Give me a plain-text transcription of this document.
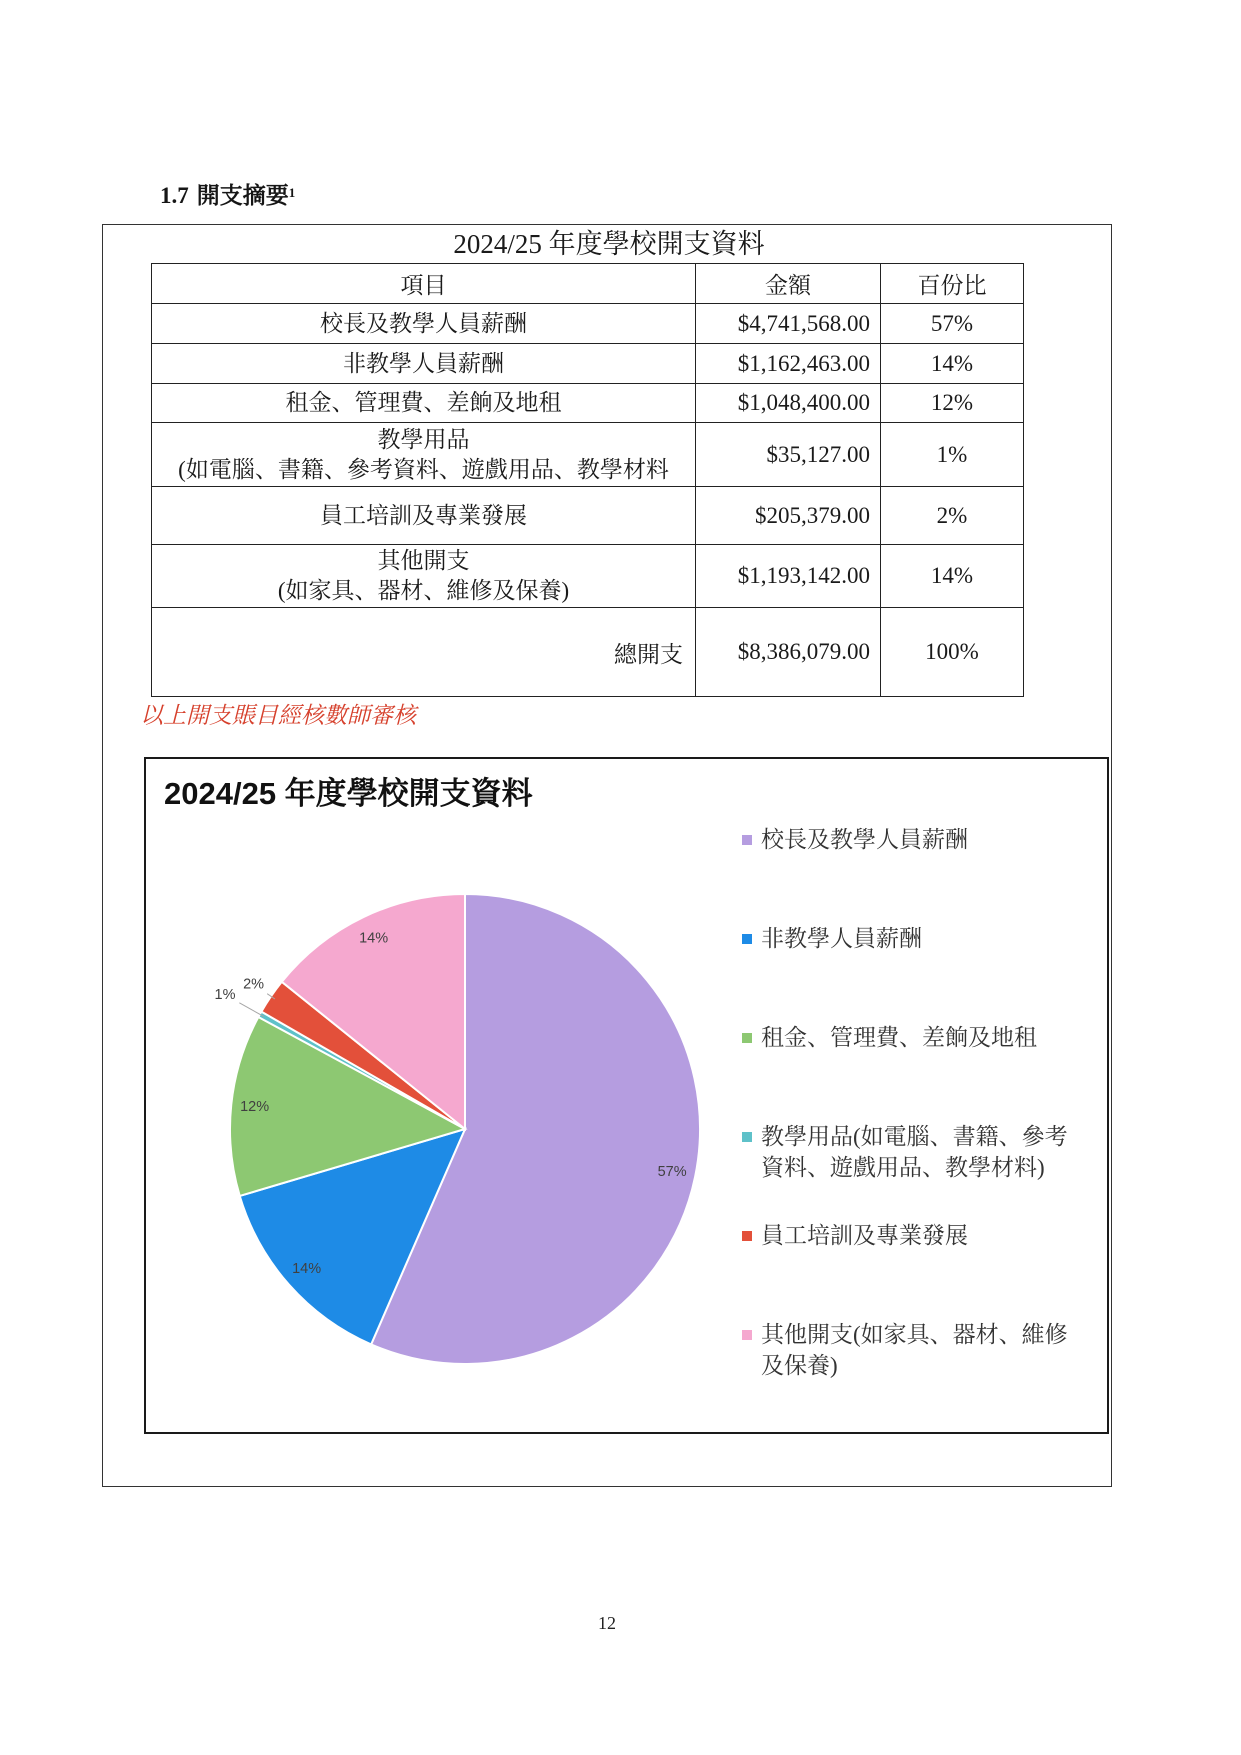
1.7 開支摘要$^1$
2024/25 年度學校開支資料
項目	金額	百份比

校長及教學人員薪酬	$4,741,568.00	57%

非教學人員薪酬	$1,162,463.00	14%

租金、管理費、差餉及地租	$1,048,400.00	12%

教學用品
(如電腦、書籍、參考資料、遊戲用品、教學材料	$35,127.00	1%

員工培訓及專業發展	$205,379.00	2%

其他開支
(如家具、器材、維修及保養)	$1,193,142.00	14%
總開支	$8,386,079.00	100%
以上開支賬目經核數師審核
57%
14%
12%
1%
2%
14%
2024/25 年度學校開支資料
校長及教學人員薪酬
非教學人員薪酬
租金、管理費、差餉及地租
教學用品(如電腦、書籍、參考資料、遊戲用品、教學材料)
員工培訓及專業發展
其他開支(如家具、器材、維修及保養)
12
